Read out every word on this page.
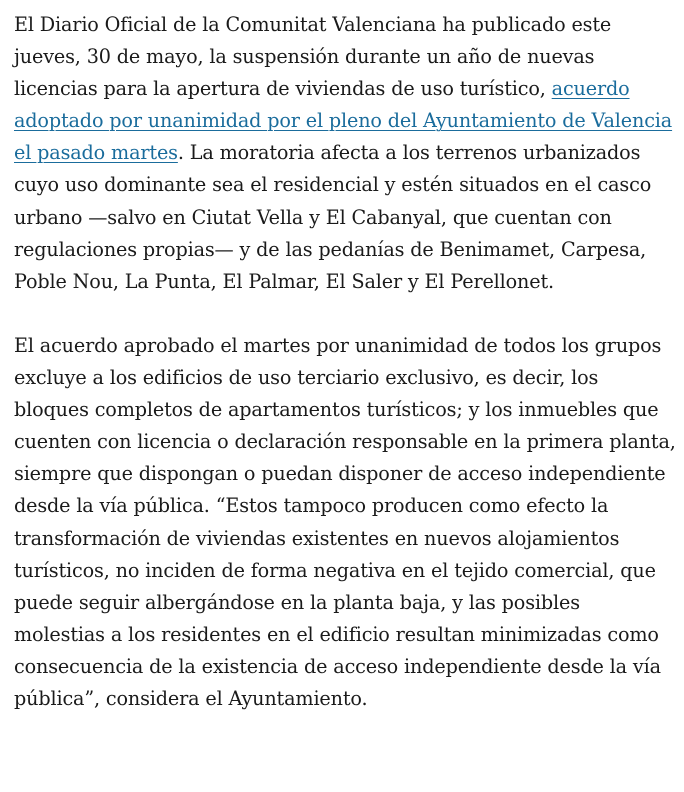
El Diario Oficial de la Comunitat Valenciana ha publicado este jueves, 30 de mayo, la suspensión durante un año de nuevas licencias para la apertura de viviendas de uso turístico, acuerdo adoptado por unanimidad por el pleno del Ayuntamiento de Valencia el pasado martes. La moratoria afecta a los terrenos urbanizados cuyo uso dominante sea el residencial y estén situados en el casco urbano —salvo en Ciutat Vella y El Cabanyal, que cuentan con regulaciones propias— y de las pedanías de Benimamet, Carpesa, Poble Nou, La Punta, El Palmar, El Saler y El Perellonet.

El acuerdo aprobado el martes por unanimidad de todos los grupos excluye a los edificios de uso terciario exclusivo, es decir, los bloques completos de apartamentos turísticos; y los inmuebles que cuenten con licencia o declaración responsable en la primera planta, siempre que dispongan o puedan disponer de acceso independiente desde la vía pública. “Estos tampoco producen como efecto la transformación de viviendas existentes en nuevos alojamientos turísticos, no inciden de forma negativa en el tejido comercial, que puede seguir albergándose en la planta baja, y las posibles molestias a los residentes en el edificio resultan minimizadas como consecuencia de la existencia de acceso independiente desde la vía pública”, considera el Ayuntamiento.
